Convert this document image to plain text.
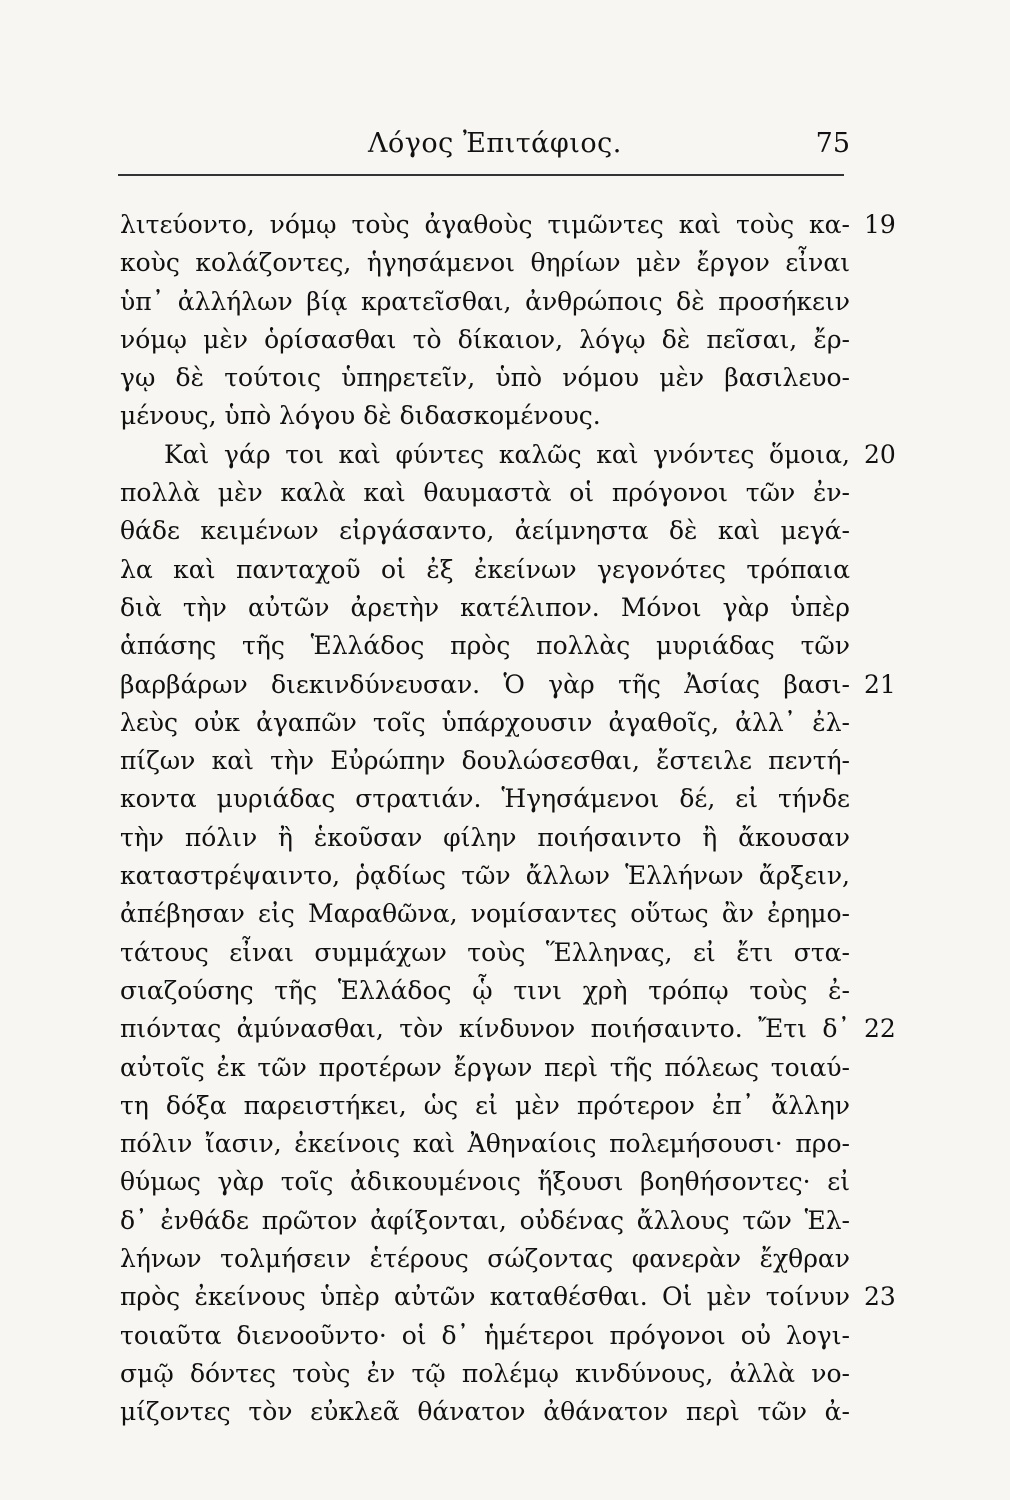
Λόγος Ἐπιτάφιος.	75
λιτεύοντο, νόμῳ τοὺς ἀγαθοὺς τιμῶντες καὶ τοὺς κα- 19
κοὺς κολάζοντες, ἡγησάμενοι θηρίων μὲν ἔργον εἶναι
ὑπ᾽ ἀλλήλων βίᾳ κρατεῖσθαι, ἀνθρώποις δὲ προσήκειν
νόμῳ μὲν ὁρίσασθαι τὸ δίκαιον, λόγῳ δὲ πεῖσαι, ἔρ-
γῳ δὲ τούτοις ὑπηρετεῖν, ὑπὸ νόμου μὲν βασιλευο-
μένους, ὑπὸ λόγου δὲ διδασκομένους.
Καὶ γάρ τοι καὶ φύντες καλῶς καὶ γνόντες ὅμοια, 20
πολλὰ μὲν καλὰ καὶ θαυμαστὰ οἱ πρόγονοι τῶν ἐν-
θάδε κειμένων εἰργάσαντο, ἀείμνηστα δὲ καὶ μεγά-
λα καὶ πανταχοῦ οἱ ἐξ ἐκείνων γεγονότες τρόπαια
διὰ τὴν αὐτῶν ἀρετὴν κατέλιπον. Μόνοι γὰρ ὑπὲρ
ἁπάσης τῆς Ἑλλάδος πρὸς πολλὰς μυριάδας τῶν
βαρβάρων διεκινδύνευσαν. Ὁ γὰρ τῆς Ἀσίας βασι- 21
λεὺς οὐκ ἀγαπῶν τοῖς ὑπάρχουσιν ἀγαθοῖς, ἀλλ᾽ ἐλ-
πίζων καὶ τὴν Εὐρώπην δουλώσεσθαι, ἔστειλε πεντή-
κοντα μυριάδας στρατιάν. Ἡγησάμενοι δέ, εἰ τήνδε
τὴν πόλιν ἢ ἑκοῦσαν φίλην ποιήσαιντο ἢ ἄκουσαν
καταστρέψαιντο, ῥᾳδίως τῶν ἄλλων Ἑλλήνων ἄρξειν,
ἀπέβησαν εἰς Μαραθῶνα, νομίσαντες οὕτως ἂν ἐρημο-
τάτους εἶναι συμμάχων τοὺς Ἕλληνας, εἰ ἔτι στα-
σιαζούσης τῆς Ἑλλάδος ᾧ τινι χρὴ τρόπῳ τοὺς ἐ-
πιόντας ἀμύνασθαι, τὸν κίνδυνον ποιήσαιντο. Ἔτι δ᾽ 22
αὐτοῖς ἐκ τῶν προτέρων ἔργων περὶ τῆς πόλεως τοιαύ-
τη δόξα παρειστήκει, ὡς εἰ μὲν πρότερον ἐπ᾽ ἄλλην
πόλιν ἴασιν, ἐκείνοις καὶ Ἀθηναίοις πολεμήσουσι· προ-
θύμως γὰρ τοῖς ἀδικουμένοις ἥξουσι βοηθήσοντες· εἰ
δ᾽ ἐνθάδε πρῶτον ἀφίξονται, οὐδένας ἄλλους τῶν Ἑλ-
λήνων τολμήσειν ἑτέρους σώζοντας φανερὰν ἔχθραν
πρὸς ἐκείνους ὑπὲρ αὐτῶν καταθέσθαι. Οἱ μὲν τοίνυν 23
τοιαῦτα διενοοῦντο· οἱ δ᾽ ἡμέτεροι πρόγονοι οὐ λογι-
σμῷ δόντες τοὺς ἐν τῷ πολέμῳ κινδύνους, ἀλλὰ νο-
μίζοντες τὸν εὐκλεᾶ θάνατον ἀθάνατον περὶ τῶν ἀ-
